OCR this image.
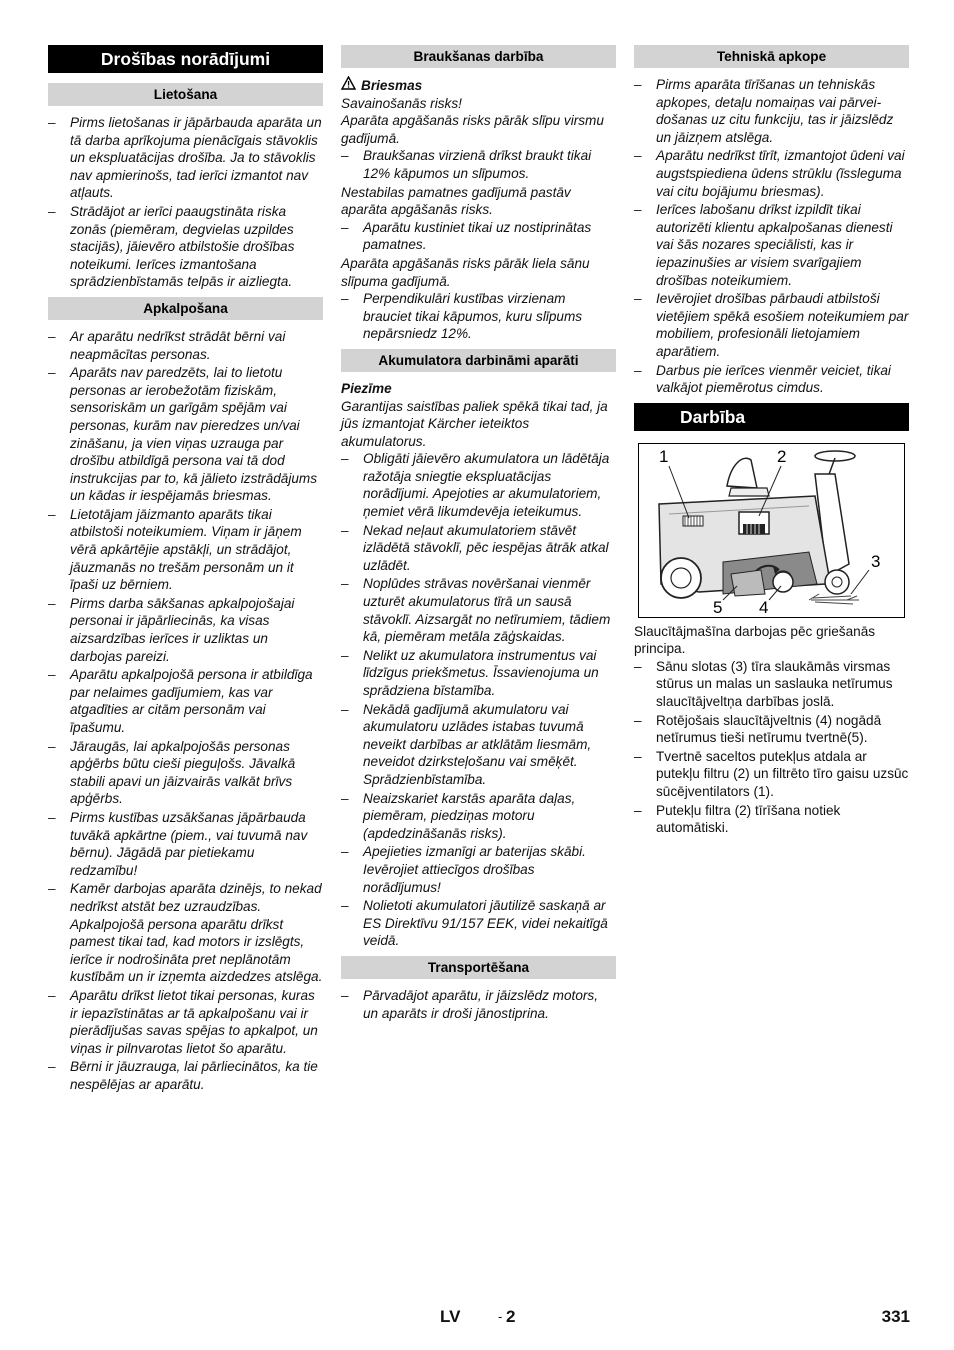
Drošības norādījumi
Lietošana
– Pirms lietošanas ir jāpārbauda aparāta un tā darba aprīkojuma pienācīgais stāvoklis un ekspluatācijas drošība. Ja to stāvoklis nav apmierinošs, tad ierīci izmantot nav atļauts.
– Strādājot ar ierīci paaugstināta riska zonās (piemēram, degvielas uzpildes stacijās), jāievēro atbilstošie drošības noteikumi. Ierīces izmantošana sprādzienbīstamās telpās ir aizliegta.
Apkalpošana
– Ar aparātu nedrīkst strādāt bērni vai neapmācītas personas.
– Aparāts nav paredzēts, lai to lietotu personas ar ierobežotām fiziskām, sensoriskām un garīgām spējām vai personas, kurām nav pieredzes un/vai zināšanu, ja vien viņas uzrauga par drošību atbildīgā persona vai tā dod instrukcijas par to, kā jālieto izstrādājums un kādas ir iespējamās briesmas.
– Lietotājam jāizmanto aparāts tikai atbilstoši noteikumiem. Viņam ir jāņem vērā apkārtējie apstākļi, un strādājot, jāuzmanās no trešām personām un it īpaši uz bērniem.
– Pirms darba sākšanas apkalpojošajai personai ir jāpārliecinās, ka visas aizsardzības ierīces ir uzliktas un darbojas pareizi.
– Aparātu apkalpojošā persona ir atbildīga par nelaimes gadījumiem, kas var atgadīties ar citām personām vai īpašumu.
– Jāraugās, lai apkalpojošās personas apģērbs būtu cieši pieguļošs. Jāvalkā stabili apavi un jāizvairās valkāt brīvs apģērbs.
– Pirms kustības uzsākšanas jāpārbauda tuvākā apkārtne (piem., vai tuvumā nav bērnu). Jāgādā par pietiekamu redzamību!
– Kamēr darbojas aparāta dzinējs, to nekad nedrīkst atstāt bez uzraudzības. Apkalpojošā persona aparātu drīkst pamest tikai tad, kad motors ir izslēgts, ierīce ir nodrošināta pret neplānotām kustībām un ir izņemta aizdedzes atslēga.
– Aparātu drīkst lietot tikai personas, kuras ir iepazīstinātas ar tā apkalpošanu vai ir pierādījušas savas spējas to apkalpot, un viņas ir pilnvarotas lietot šo aparātu.
– Bērni ir jāuzrauga, lai pārliecinātos, ka tie nespēlējas ar aparātu.
Braukšanas darbība
Briesmas
Savainošanās risks!
Aparāta apgāšanās risks pārāk slīpu virsmu gadījumā.
– Braukšanas virzienā drīkst braukt tikai 12% kāpumos un slīpumos.
Nestabilas pamatnes gadījumā pastāv aparāta apgāšanās risks.
– Aparātu kustiniet tikai uz nostiprinātas pamatnes.
Aparāta apgāšanās risks pārāk liela sānu slīpuma gadījumā.
– Perpendikulāri kustības virzienam brauciet tikai kāpumos, kuru slīpums nepārsniedz 12%.
Akumulatora darbināmi aparāti
Piezīme
Garantijas saistības paliek spēkā tikai tad, ja jūs izmantojat Kärcher ieteiktos akumulatorus.
– Obligāti jāievēro akumulatora un lādētāja ražotāja sniegtie ekspluatācijas norādījumi. Apejoties ar akumulatoriem, ņemiet vērā likumdevēja ieteikumus.
– Nekad neļaut akumulatoriem stāvēt izlādētā stāvoklī, pēc iespējas ātrāk atkal uzlādēt.
– Noplūdes strāvas novēršanai vienmēr uzturēt akumulatorus tīrā un sausā stāvoklī. Aizsargāt no netīrumiem, tādiem kā, piemēram metāla zāģskaidas.
– Nelikt uz akumulatora instrumentus vai līdzīgus priekšmetus. Īssavienojuma un sprādziena bīstamība.
– Nekādā gadījumā akumulatoru vai akumulatoru uzlādes istabas tuvumā neveikt darbības ar atklātām liesmām, neveidot dzirksteļošanu vai smēķēt. Sprādzienbīstamība.
– Neaizskariet karstās aparāta daļas, piemēram, piedziņas motoru (apdedzināšanās risks).
– Apejieties izmanīgi ar baterijas skābi. Ievērojiet attiecīgos drošības norādījumus!
– Nolietoti akumulatori jāutilizē saskaņā ar ES Direktīvu 91/157 EEK, videi nekaitīgā veidā.
Transportēšana
– Pārvadājot aparātu, ir jāizslēdz motors, un aparāts ir droši jānostiprina.
Tehniskā apkope
– Pirms aparāta tīrīšanas un tehniskās apkopes, detaļu nomaiņas vai pārveidošanas uz citu funkciju, tas ir jāizslēdz un jāizņem atslēga.
– Aparātu nedrīkst tīrīt, izmantojot ūdeni vai augstspiediena ūdens strūklu (īssleguma vai citu bojājumu briesmas).
– Ierīces labošanu drīkst izpildīt tikai autorizēti klientu apkalpošanas dienesti vai šās nozares speciālisti, kas ir iepazinušies ar visiem svarīgajiem drošības noteikumiem.
– Ievērojiet drošības pārbaudi atbilstoši vietējiem spēkā esošiem noteikumiem par mobiliem, profesionāli lietojamiem aparātiem.
– Darbus pie ierīces vienmēr veiciet, tikai valkājot piemērotus cimdus.
Darbība
1	2
3
4
5
Slaucītājmašīna darbojas pēc griešanās principa.
– Sānu slotas (3) tīra slaukāmās virsmas stūrus un malas un saslauka netīrumus slaucītājveltņa darbības joslā.
– Rotējošais slaucītājveltnis (4) nogādā netīrumus tieši netīrumu tvertnē(5).
– Tvertnē saceltos putekļus atdala ar putekļu filtru (2) un filtrēto tīro gaisu uzsūc sūcējventilators (1).
– Putekļu filtra (2) tīrīšana notiek automātiski.
LV	- 2	331
